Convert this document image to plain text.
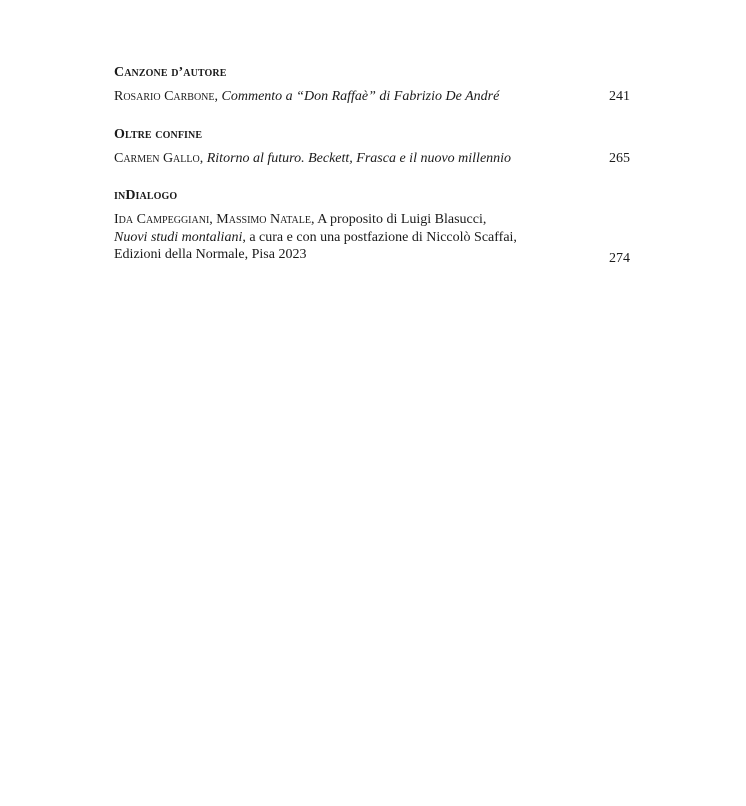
Canzone d’autore
Rosario Carbone, Commento a “Don Raffaè” di Fabrizio De André	241
Oltre confine
Carmen Gallo, Ritorno al futuro. Beckett, Frasca e il nuovo millennio	265
inDialogo
Ida Campeggiani, Massimo Natale, A proposito di Luigi Blasucci,
Nuovi studi montaliani, a cura e con una postfazione di Niccolò Scaffai,
Edizioni della Normale, Pisa 2023	274
